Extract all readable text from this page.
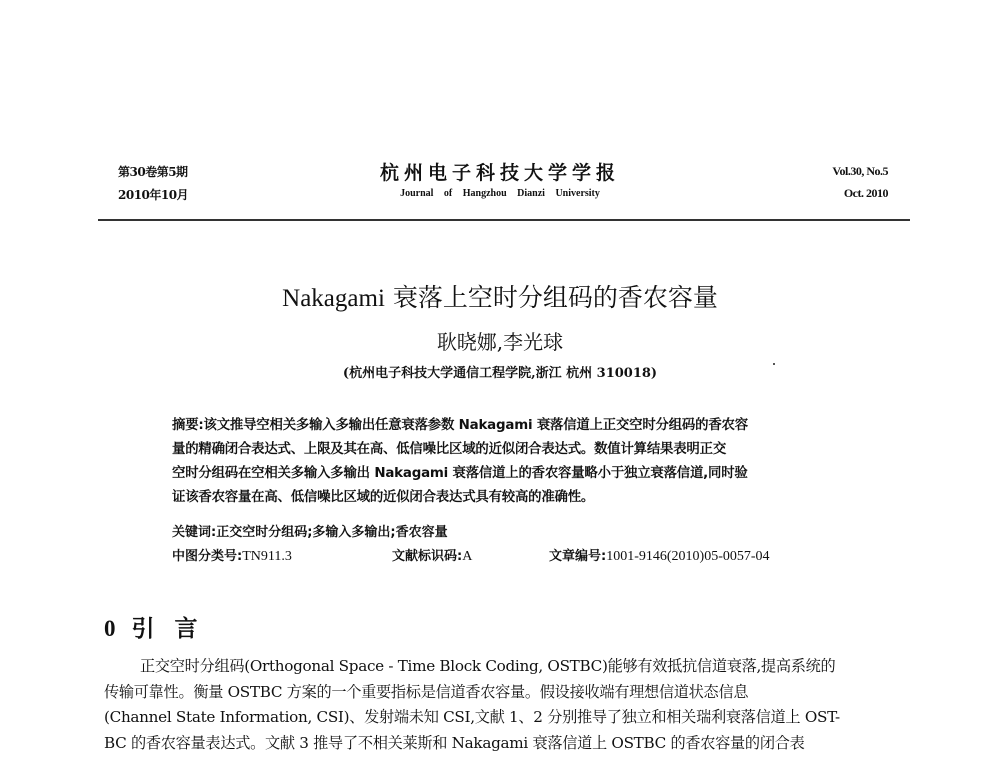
第30卷第5期
2010年10月
杭州电子科技大学学报
Journal of Hangzhou Dianzi University
Vol.30, No.5
Oct. 2010
Nakagami 衰落上空时分组码的香农容量
耿晓娜,李光球
(杭州电子科技大学通信工程学院,浙江 杭州 310018)
摘要:该文推导空相关多输入多输出任意衰落参数 Nakagami 衰落信道上正交空时分组码的香农容
量的精确闭合表达式、上限及其在高、低信噪比区域的近似闭合表达式。数值计算结果表明正交
空时分组码在空相关多输入多输出 Nakagami 衰落信道上的香农容量略小于独立衰落信道,同时验
证该香农容量在高、低信噪比区域的近似闭合表达式具有较高的准确性。
关键词:正交空时分组码;多输入多输出;香农容量
中图分类号:TN911.3	文献标识码:A	文章编号:1001-9146(2010)05-0057-04
0 引 言
正交空时分组码(Orthogonal Space - Time Block Coding, OSTBC)能够有效抵抗信道衰落,提高系统的
传输可靠性。衡量 OSTBC 方案的一个重要指标是信道香农容量。假设接收端有理想信道状态信息
(Channel State Information, CSI)、发射端未知 CSI,文献 1、2 分别推导了独立和相关瑞利衰落信道上 OST-
BC 的香农容量表达式。文献 3 推导了不相关莱斯和 Nakagami 衰落信道上 OSTBC 的香农容量的闭合表
